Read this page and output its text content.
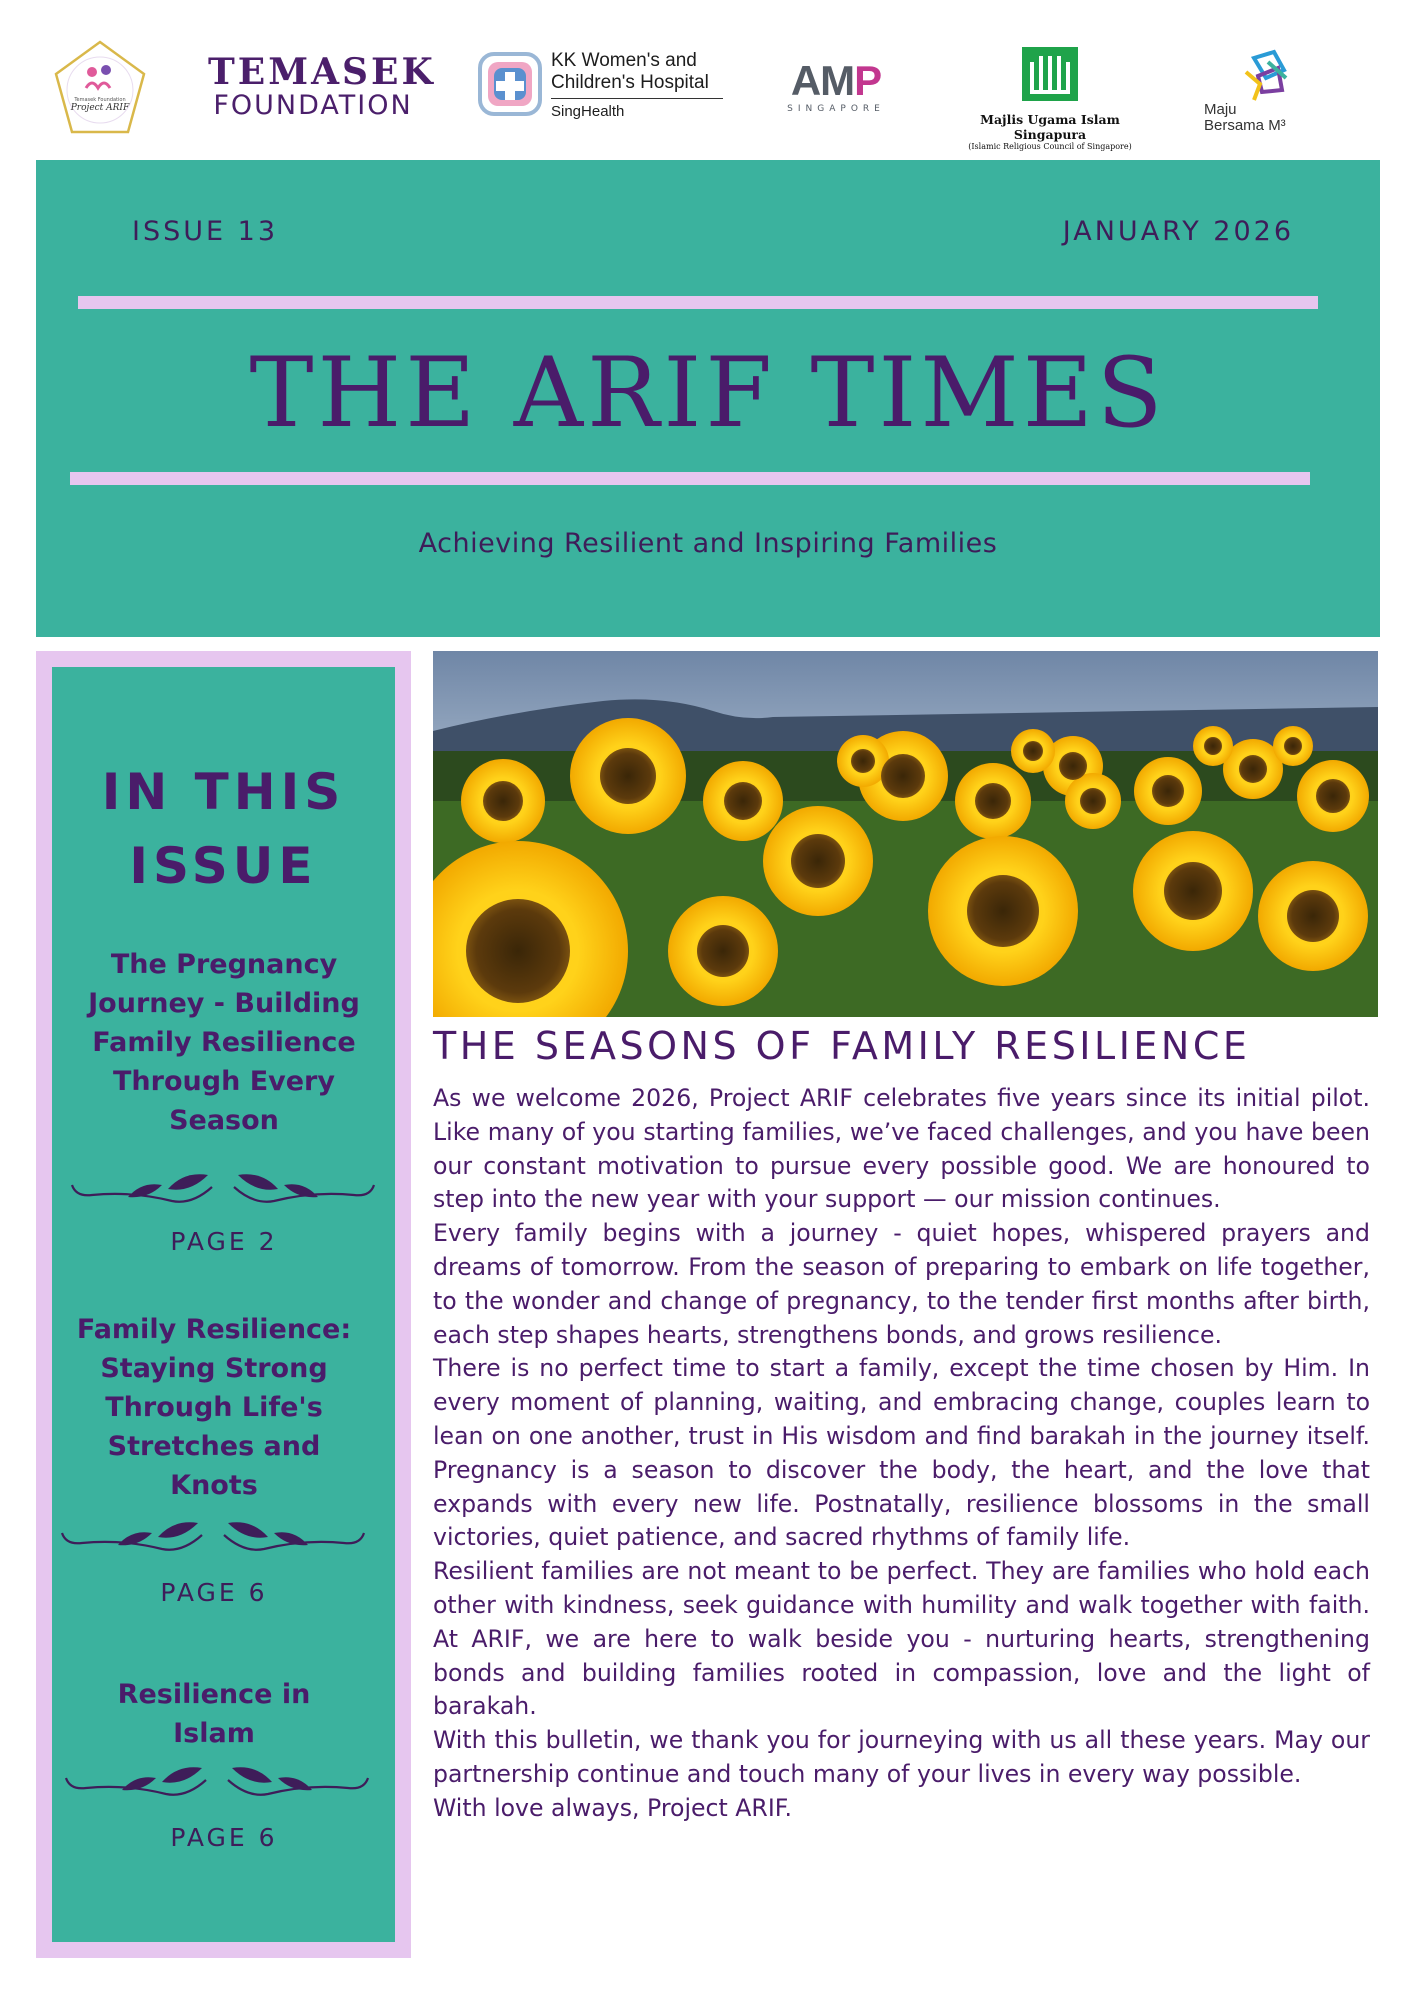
Temasek Foundation
Project ARIF
TEMASEK
FOUNDATION
KK Women's and
Children's Hospital
SingHealth
AMP
SINGAPORE
Majlis Ugama Islam Singapura
(Islamic Religious Council of Singapore)
Maju
Bersama M³
ISSUE 13	JANUARY 2026
THE ARIF TIMES
Achieving Resilient and Inspiring Families
IN THIS
ISSUE
The Pregnancy Journey - Building Family Resilience Through Every Season
PAGE 2
Family Resilience: Staying Strong Through Life's Stretches and Knots
PAGE 6
Resilience in Islam
PAGE 6
THE SEASONS OF FAMILY RESILIENCE

As we welcome 2026, Project ARIF celebrates five years since its initial pilot. Like many of you starting families, we’ve faced challenges, and you have been our constant motivation to pursue every possible good. We are honoured to step into the new year with your support — our mission continues.

Every family begins with a journey - quiet hopes, whispered prayers and dreams of tomorrow. From the season of preparing to embark on life together, to the wonder and change of pregnancy, to the tender first months after birth, each step shapes hearts, strengthens bonds, and grows resilience.

There is no perfect time to start a family, except the time chosen by Him. In every moment of planning, waiting, and embracing change, couples learn to lean on one another, trust in His wisdom and find barakah in the journey itself. Pregnancy is a season to discover the body, the heart, and the love that expands with every new life. Postnatally, resilience blossoms in the small victories, quiet patience, and sacred rhythms of family life.

Resilient families are not meant to be perfect. They are families who hold each other with kindness, seek guidance with humility and walk together with faith. At ARIF, we are here to walk beside you - nurturing hearts, strengthening bonds and building families rooted in compassion, love and the light of barakah.

With this bulletin, we thank you for journeying with us all these years. May our partnership continue and touch many of your lives in every way possible.

With love always, Project ARIF.
